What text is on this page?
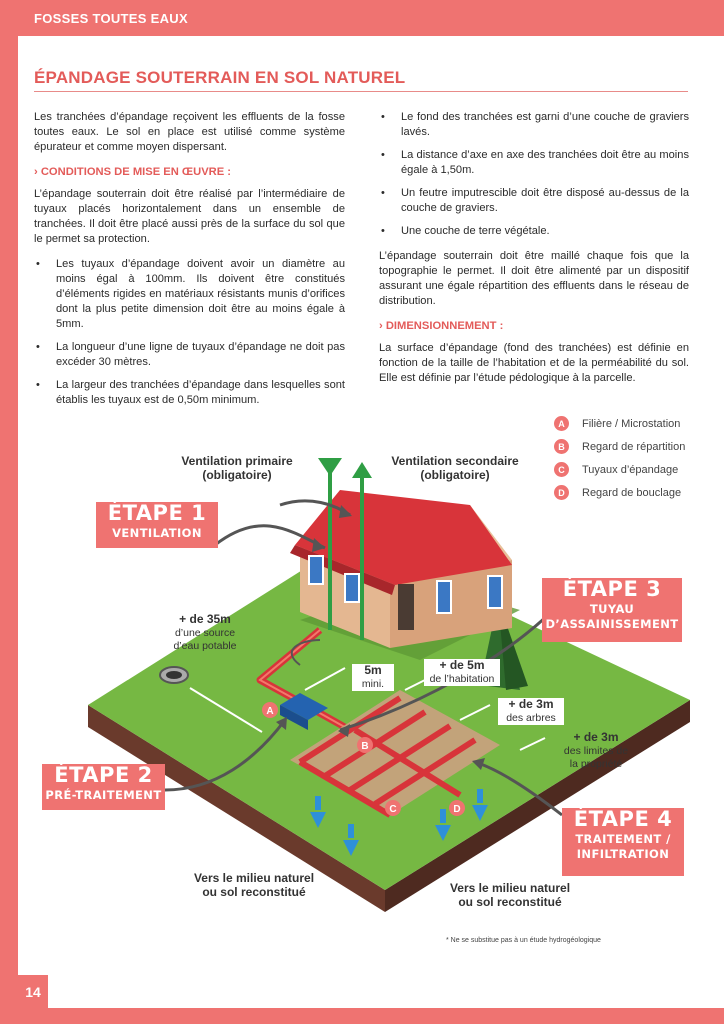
FOSSES TOUTES EAUX
ÉPANDAGE SOUTERRAIN EN SOL NATUREL

Les tranchées d’épandage reçoivent les effluents de la fosse toutes eaux. Le sol en place est utilisé comme système épurateur et comme moyen dispersant.

› CONDITIONS DE MISE EN ŒUVRE :

L’épandage souterrain doit être réalisé par l’intermédiaire de tuyaux placés horizontalement dans un ensemble de tranchées. Il doit être placé aussi près de la surface du sol que le permet sa protection.

• Les tuyaux d’épandage doivent avoir un diamètre au moins égal à 100mm. Ils doivent être constitués d’éléments rigides en matériaux résistants munis d’orifices dont la plus petite dimension doit être au moins égale à 5mm.
• La longueur d’une ligne de tuyaux d’épandage ne doit pas excéder 30 mètres.
• La largeur des tranchées d’épandage dans lesquelles sont établis les tuyaux est de 0,50m minimum.
• Le fond des tranchées est garni d’une couche de graviers lavés.
• La distance d’axe en axe des tranchées doit être au moins égale à 1,50m.
• Un feutre imputrescible doit être disposé au-dessus de la couche de graviers.
• Une couche de terre végétale.

L’épandage souterrain doit être maillé chaque fois que la topographie le permet. Il doit être alimenté par un dispositif assurant une égale répartition des effluents dans le réseau de distribution.

› DIMENSIONNEMENT :

La surface d’épandage (fond des tranchées) est définie en fonction de la taille de l’habitation et de la perméabilité du sol. Elle est définie par l’étude pédologique à la parcelle.

A	Filière / Microstation
B	Regard de répartition
C	Tuyaux d’épandage
D	Regard de bouclage
A
B
C	D
Ventilation primaire
(obligatoire)
Ventilation secondaire
(obligatoire)
ÉTAPE 1
VENTILATION
ÉTAPE 2
PRÉ-TRAITEMENT
ÉTAPE 3
TUYAU
D’ASSAINISSEMENT
ÉTAPE 4
TRAITEMENT /
INFILTRATION
+ de 35m
d’une source
d’eau potable
5m
mini.
+ de 5m
de l’habitation
+ de 3m
des arbres
+ de 3m
des limites de
la propriété
Vers le milieu naturel
ou sol reconstitué	Vers le milieu naturel
ou sol reconstitué
* Ne se substitue pas à un étude hydrogéologique
14
